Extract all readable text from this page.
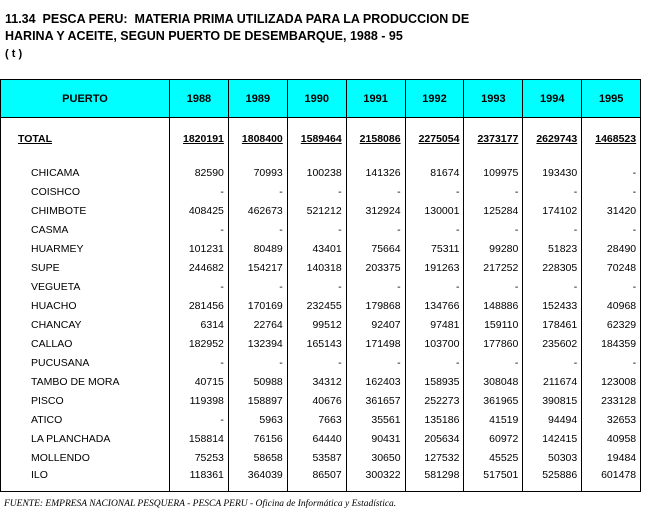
11.34  PESCA PERU:  MATERIA PRIMA UTILIZADA PARA LA PRODUCCION DE
HARINA Y ACEITE, SEGUN PUERTO DE DESEMBARQUE, 1988 - 95
( t )
PUERTO	1988	1989	1990	1991	1992	1993	1994	1995

TOTAL	1820191	1808400	1589464	2158086	2275054	2373177	2629743	1468523

CHICAMA	82590	70993	100238	141326	81674	109975	193430	-
COISHCO	-	-	-	-	-	-	-	-
CHIMBOTE	408425	462673	521212	312924	130001	125284	174102	31420
CASMA	-	-	-	-	-	-	-	-
HUARMEY	101231	80489	43401	75664	75311	99280	51823	28490
SUPE	244682	154217	140318	203375	191263	217252	228305	70248
VEGUETA	-	-	-	-	-	-	-	-
HUACHO	281456	170169	232455	179868	134766	148886	152433	40968
CHANCAY	6314	22764	99512	92407	97481	159110	178461	62329
CALLAO	182952	132394	165143	171498	103700	177860	235602	184359
PUCUSANA	-	-	-	-	-	-	-	-
TAMBO DE MORA	40715	50988	34312	162403	158935	308048	211674	123008
PISCO	119398	158897	40676	361657	252273	361965	390815	233128
ATICO	-	5963	7663	35561	135186	41519	94494	32653
LA PLANCHADA	158814	76156	64440	90431	205634	60972	142415	40958
MOLLENDO	75253	58658	53587	30650	127532	45525	50303	19484
ILO	118361	364039	86507	300322	581298	517501	525886	601478
FUENTE: EMPRESA NACIONAL PESQUERA - PESCA PERU - Oficina de Informática y Estadística.
